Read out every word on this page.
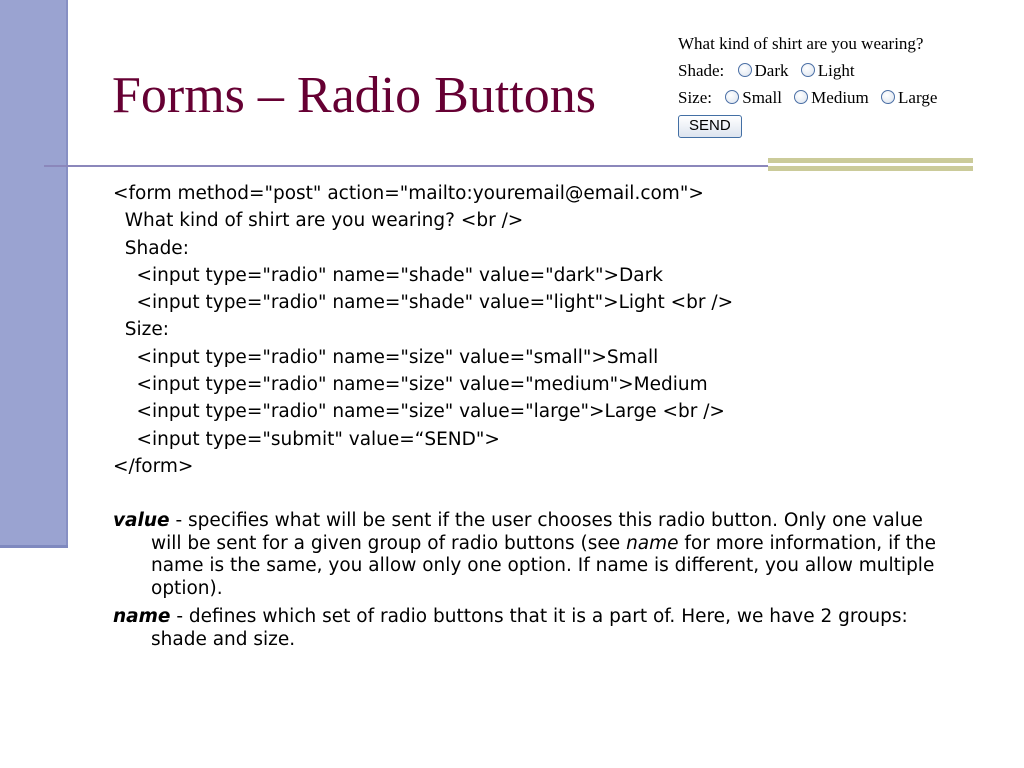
Forms – Radio Buttons
What kind of shirt are you wearing?
Shade: Dark Light
Size: Small Medium Large
SEND
<form method="post" action="mailto:youremail@email.com">
What kind of shirt are you wearing? <br />
Shade:
<input type="radio" name="shade" value="dark">Dark
<input type="radio" name="shade" value="light">Light <br />
Size:
<input type="radio" name="size" value="small">Small
<input type="radio" name="size" value="medium">Medium
<input type="radio" name="size" value="large">Large <br />
<input type="submit" value=“SEND">
</form>

value - specifies what will be sent if the user chooses this radio button. Only one value will be sent for a given group of radio buttons (see name for more information, if the name is the same, you allow only one option. If name is different, you allow multiple option).

name - defines which set of radio buttons that it is a part of. Here, we have 2 groups: shade and size.
